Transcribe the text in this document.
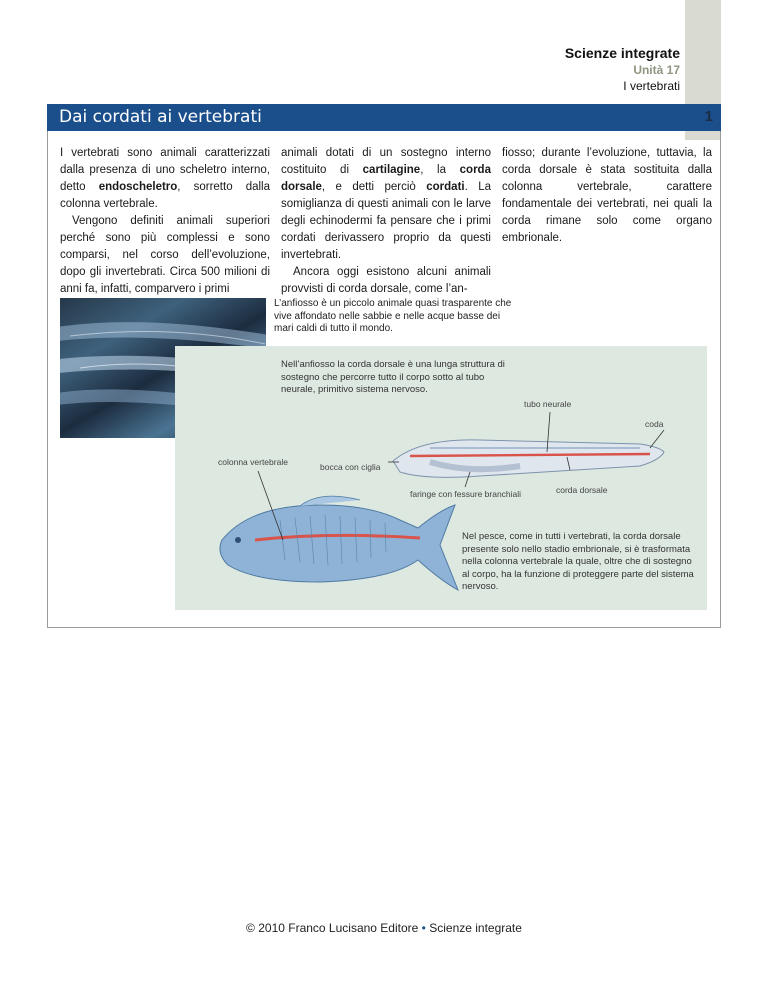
Scienze integrate
Unità 17
I vertebrati
Dai cordati ai vertebrati	1

I vertebrati sono animali caratterizzati dalla presenza di uno scheletro interno, detto endoscheletro, sorretto dalla colonna vertebrale.

Vengono definiti animali superiori perché sono più complessi e sono comparsi, nel corso dell’evoluzione, dopo gli invertebrati. Circa 500 milioni di anni fa, infatti, comparvero i primi

animali dotati di un sostegno interno costituito di cartilagine, la corda dorsale, e detti perciò cordati. La somiglianza di questi animali con le larve degli echinodermi fa pensare che i primi cordati derivassero proprio da questi invertebrati.

Ancora oggi esistono alcuni animali provvisti di corda dorsale, come l’an-

fiosso; durante l’evoluzione, tuttavia, la corda dorsale è stata sostituita dalla colonna vertebrale, carattere fondamentale dei vertebrati, nei quali la corda rimane solo come organo embrionale.

L’anfiosso è un piccolo animale quasi trasparente che vive affondato nelle sabbie e nelle acque basse dei mari caldi di tutto il mondo.
Nell’anfiosso la corda dorsale è una lunga struttura di sostegno che percorre tutto il corpo sotto al tubo neurale, primitivo sistema nervoso.
tubo neurale
coda
colonna vertebrale	bocca con ciglia
faringe con fessure branchiali	corda dorsale
Nel pesce, come in tutti i vertebrati, la corda dorsale presente solo nello stadio embrionale, si è trasformata nella colonna vertebrale la quale, oltre che di sostegno al corpo, ha la funzione di proteggere parte del sistema nervoso.
© 2010 Franco Lucisano Editore • Scienze integrate
